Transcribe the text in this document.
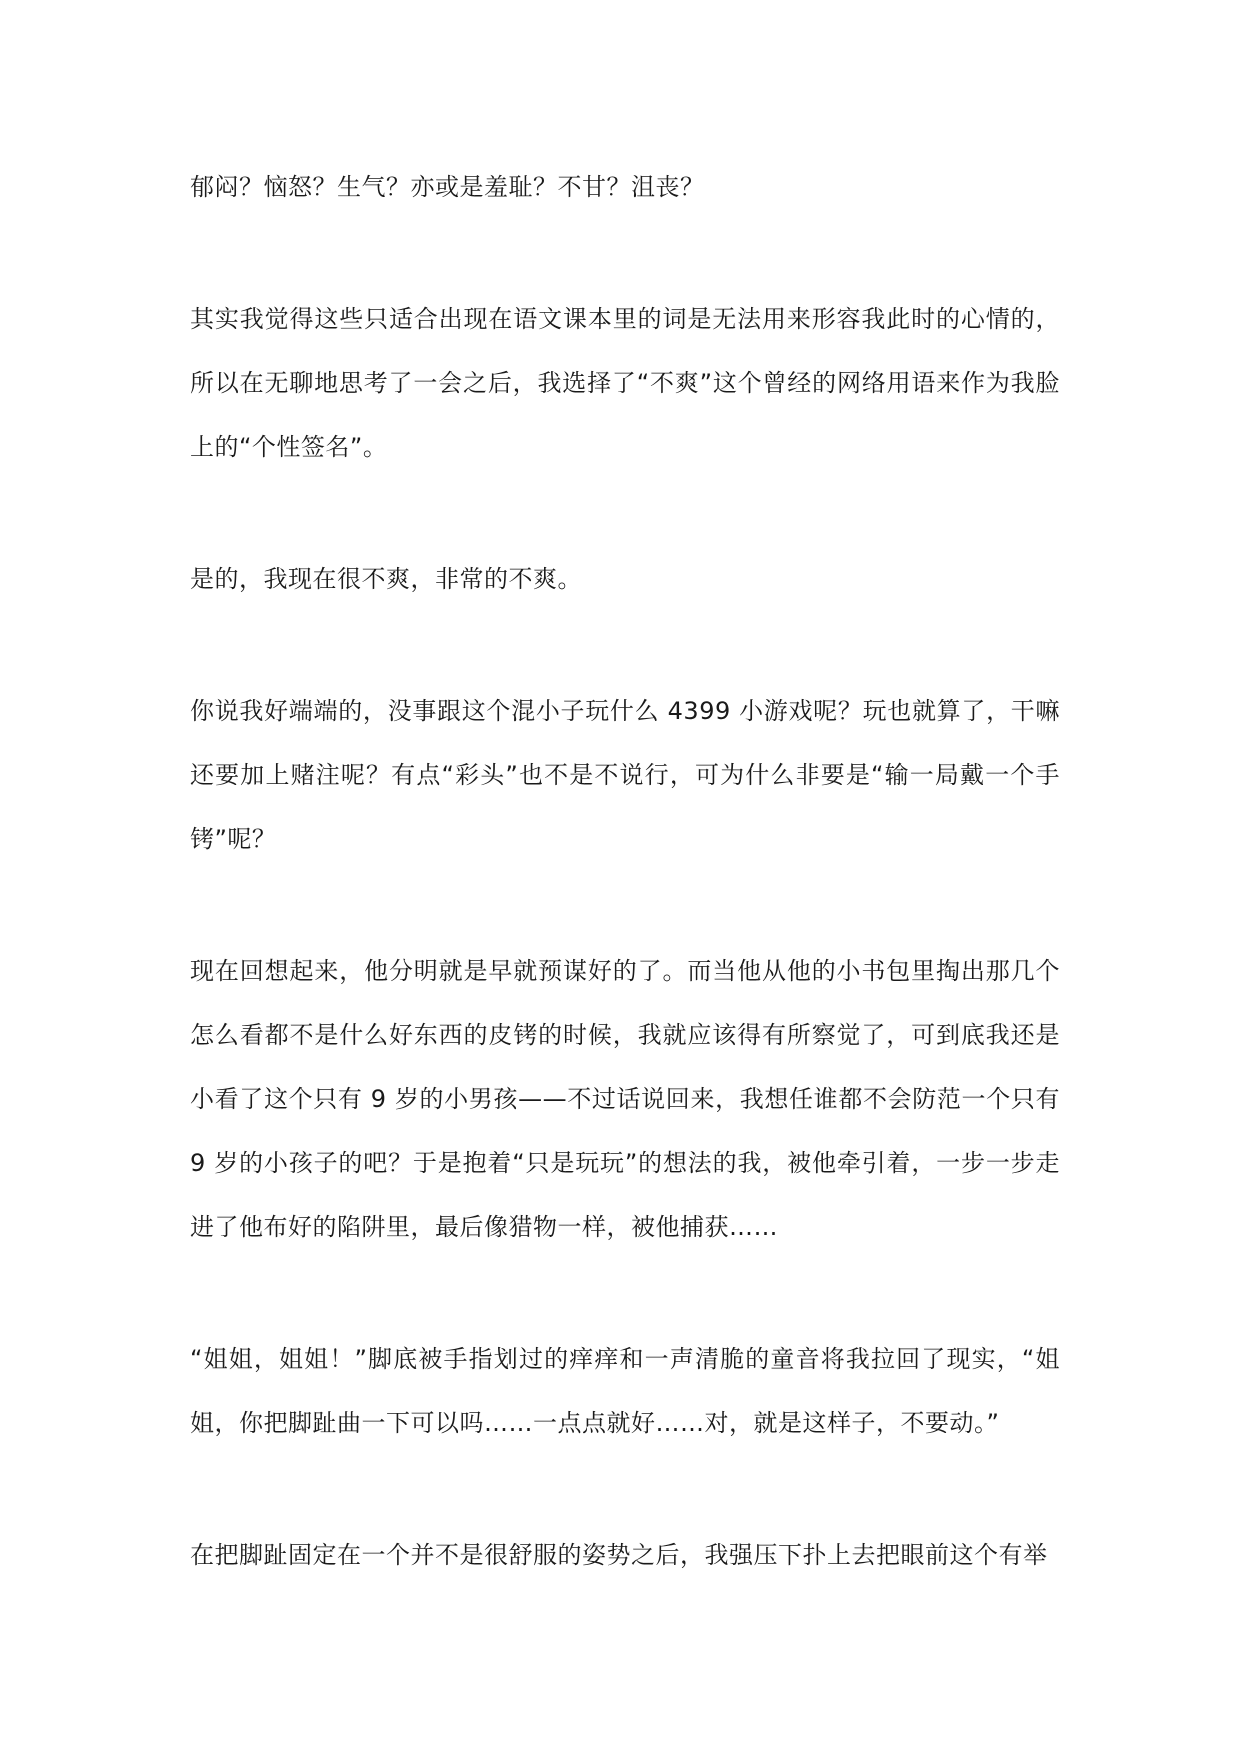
郁闷？恼怒？生气？亦或是羞耻？不甘？沮丧？

其实我觉得这些只适合出现在语文课本里的词是无法用来形容我此时的心情的，所以在无聊地思考了一会之后，我选择了“不爽”这个曾经的网络用语来作为我脸上的“个性签名”。

是的，我现在很不爽，非常的不爽。

你说我好端端的，没事跟这个混小子玩什么 4399 小游戏呢？玩也就算了，干嘛还要加上赌注呢？有点“彩头”也不是不说行，可为什么非要是“输一局戴一个手铐”呢？

现在回想起来，他分明就是早就预谋好的了。而当他从他的小书包里掏出那几个怎么看都不是什么好东西的皮铐的时候，我就应该得有所察觉了，可到底我还是小看了这个只有 9 岁的小男孩——不过话说回来，我想任谁都不会防范一个只有 9 岁的小孩子的吧？于是抱着“只是玩玩”的想法的我，被他牵引着，一步一步走进了他布好的陷阱里，最后像猎物一样，被他捕获……

“姐姐，姐姐！”脚底被手指划过的痒痒和一声清脆的童音将我拉回了现实，“姐姐，你把脚趾曲一下可以吗……一点点就好……对，就是这样子，不要动。”

在把脚趾固定在一个并不是很舒服的姿势之后，我强压下扑上去把眼前这个有举
